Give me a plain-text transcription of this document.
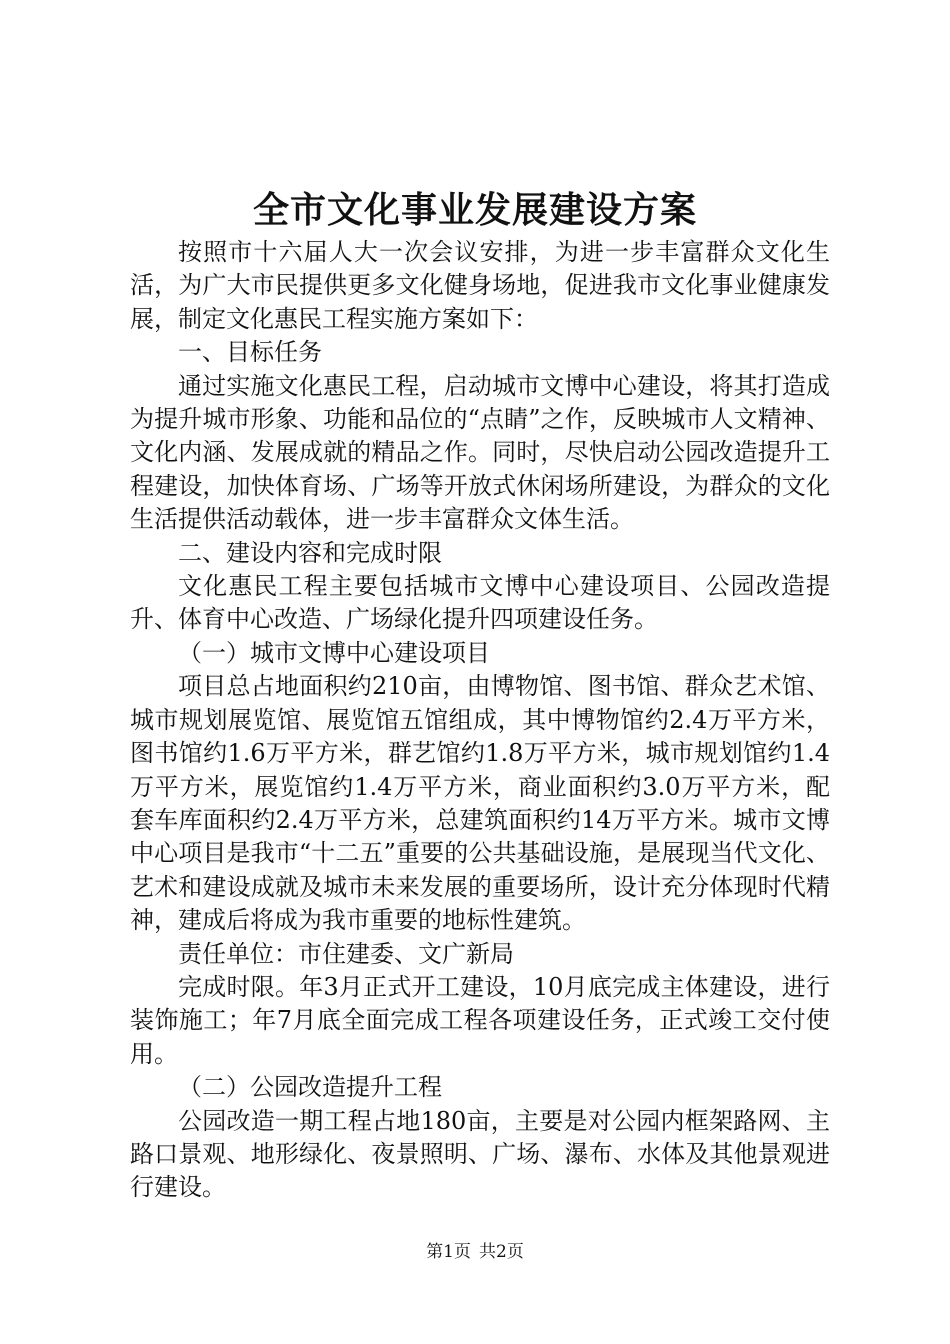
全市文化事业发展建设方案

按照市十六届人大一次会议安排，为进一步丰富群众文化生活，为广大市民提供更多文化健身场地，促进我市文化事业健康发展，制定文化惠民工程实施方案如下：

一、目标任务

通过实施文化惠民工程，启动城市文博中心建设，将其打造成为提升城市形象、功能和品位的“点睛”之作，反映城市人文精神、文化内涵、发展成就的精品之作。同时，尽快启动公园改造提升工程建设，加快体育场、广场等开放式休闲场所建设，为群众的文化生活提供活动载体，进一步丰富群众文体生活。

二、建设内容和完成时限

文化惠民工程主要包括城市文博中心建设项目、公园改造提升、体育中心改造、广场绿化提升四项建设任务。

（一）城市文博中心建设项目

项目总占地面积约210亩，由博物馆、图书馆、群众艺术馆、城市规划展览馆、展览馆五馆组成，其中博物馆约2.4万平方米，图书馆约1.6万平方米，群艺馆约1.8万平方米，城市规划馆约1.4万平方米，展览馆约1.4万平方米，商业面积约3.0万平方米，配套车库面积约2.4万平方米，总建筑面积约14万平方米。城市文博中心项目是我市“十二五”重要的公共基础设施，是展现当代文化、艺术和建设成就及城市未来发展的重要场所，设计充分体现时代精神，建成后将成为我市重要的地标性建筑。

责任单位：市住建委、文广新局

完成时限。年3月正式开工建设，10月底完成主体建设，进行装饰施工；年7月底全面完成工程各项建设任务，正式竣工交付使用。

（二）公园改造提升工程

公园改造一期工程占地180亩，主要是对公园内框架路网、主路口景观、地形绿化、夜景照明、广场、瀑布、水体及其他景观进行建设。

第1页 共2页
